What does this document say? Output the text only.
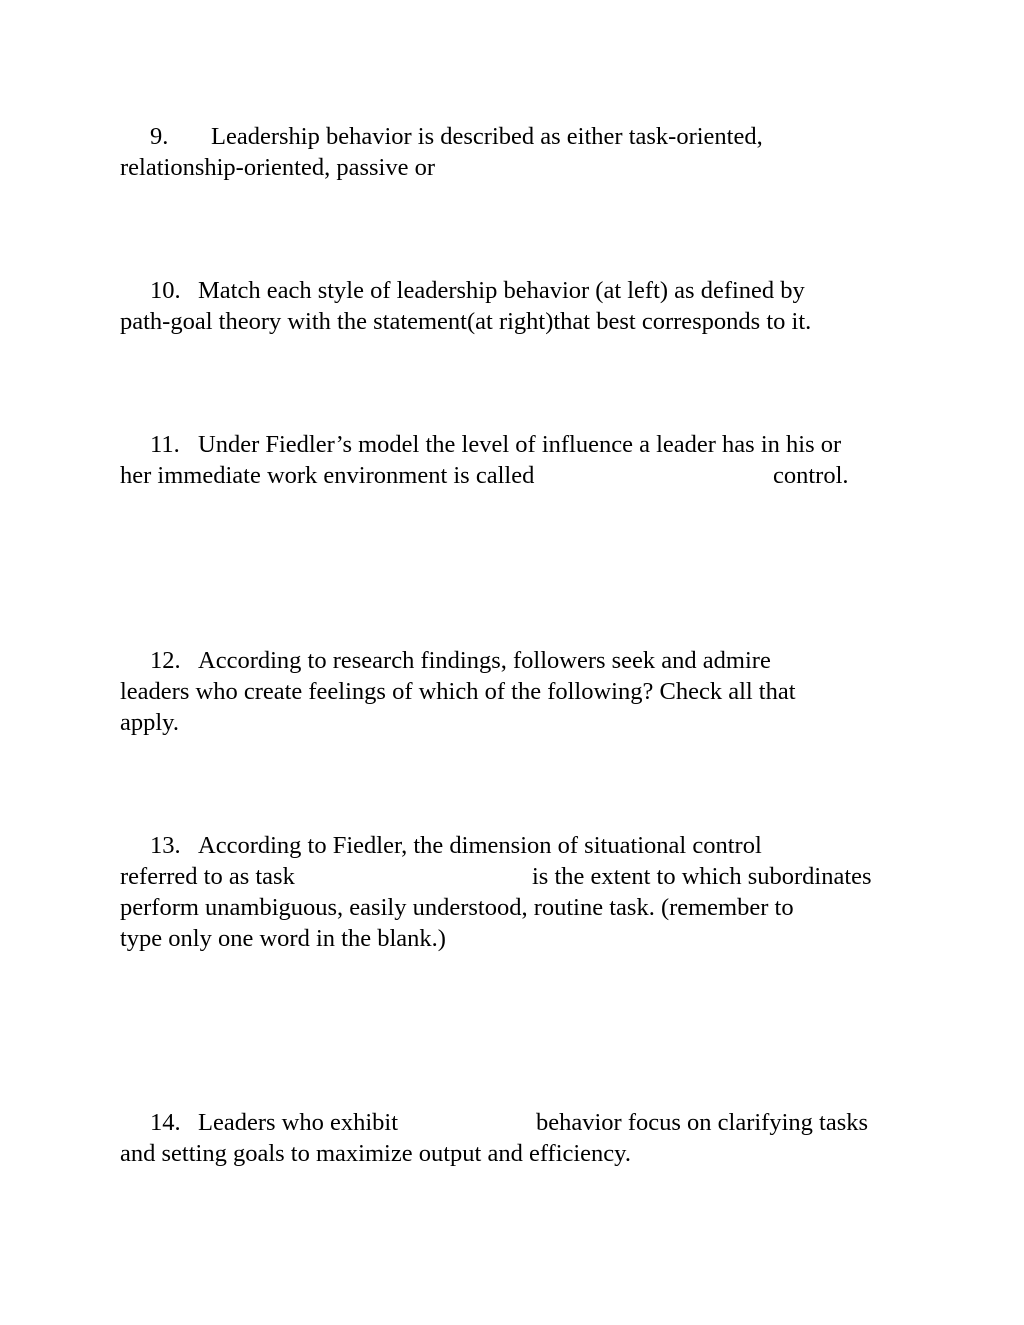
9. Leadership behavior is described as either task-oriented,
relationship-oriented, passive or
10. Match each style of leadership behavior (at left) as defined by
path-goal theory with the statement(at right)that best corresponds to it.
11. Under Fiedler’s model the level of influence a leader has in his or
her immediate work environment is called	control.
12. According to research findings, followers seek and admire
leaders who create feelings of which of the following? Check all that
apply.
13. According to Fiedler, the dimension of situational control
referred to as task	is the extent to which subordinates
perform unambiguous, easily understood, routine task. (remember to
type only one word in the blank.)
14. Leaders who exhibit	behavior focus on clarifying tasks
and setting goals to maximize output and efficiency.
